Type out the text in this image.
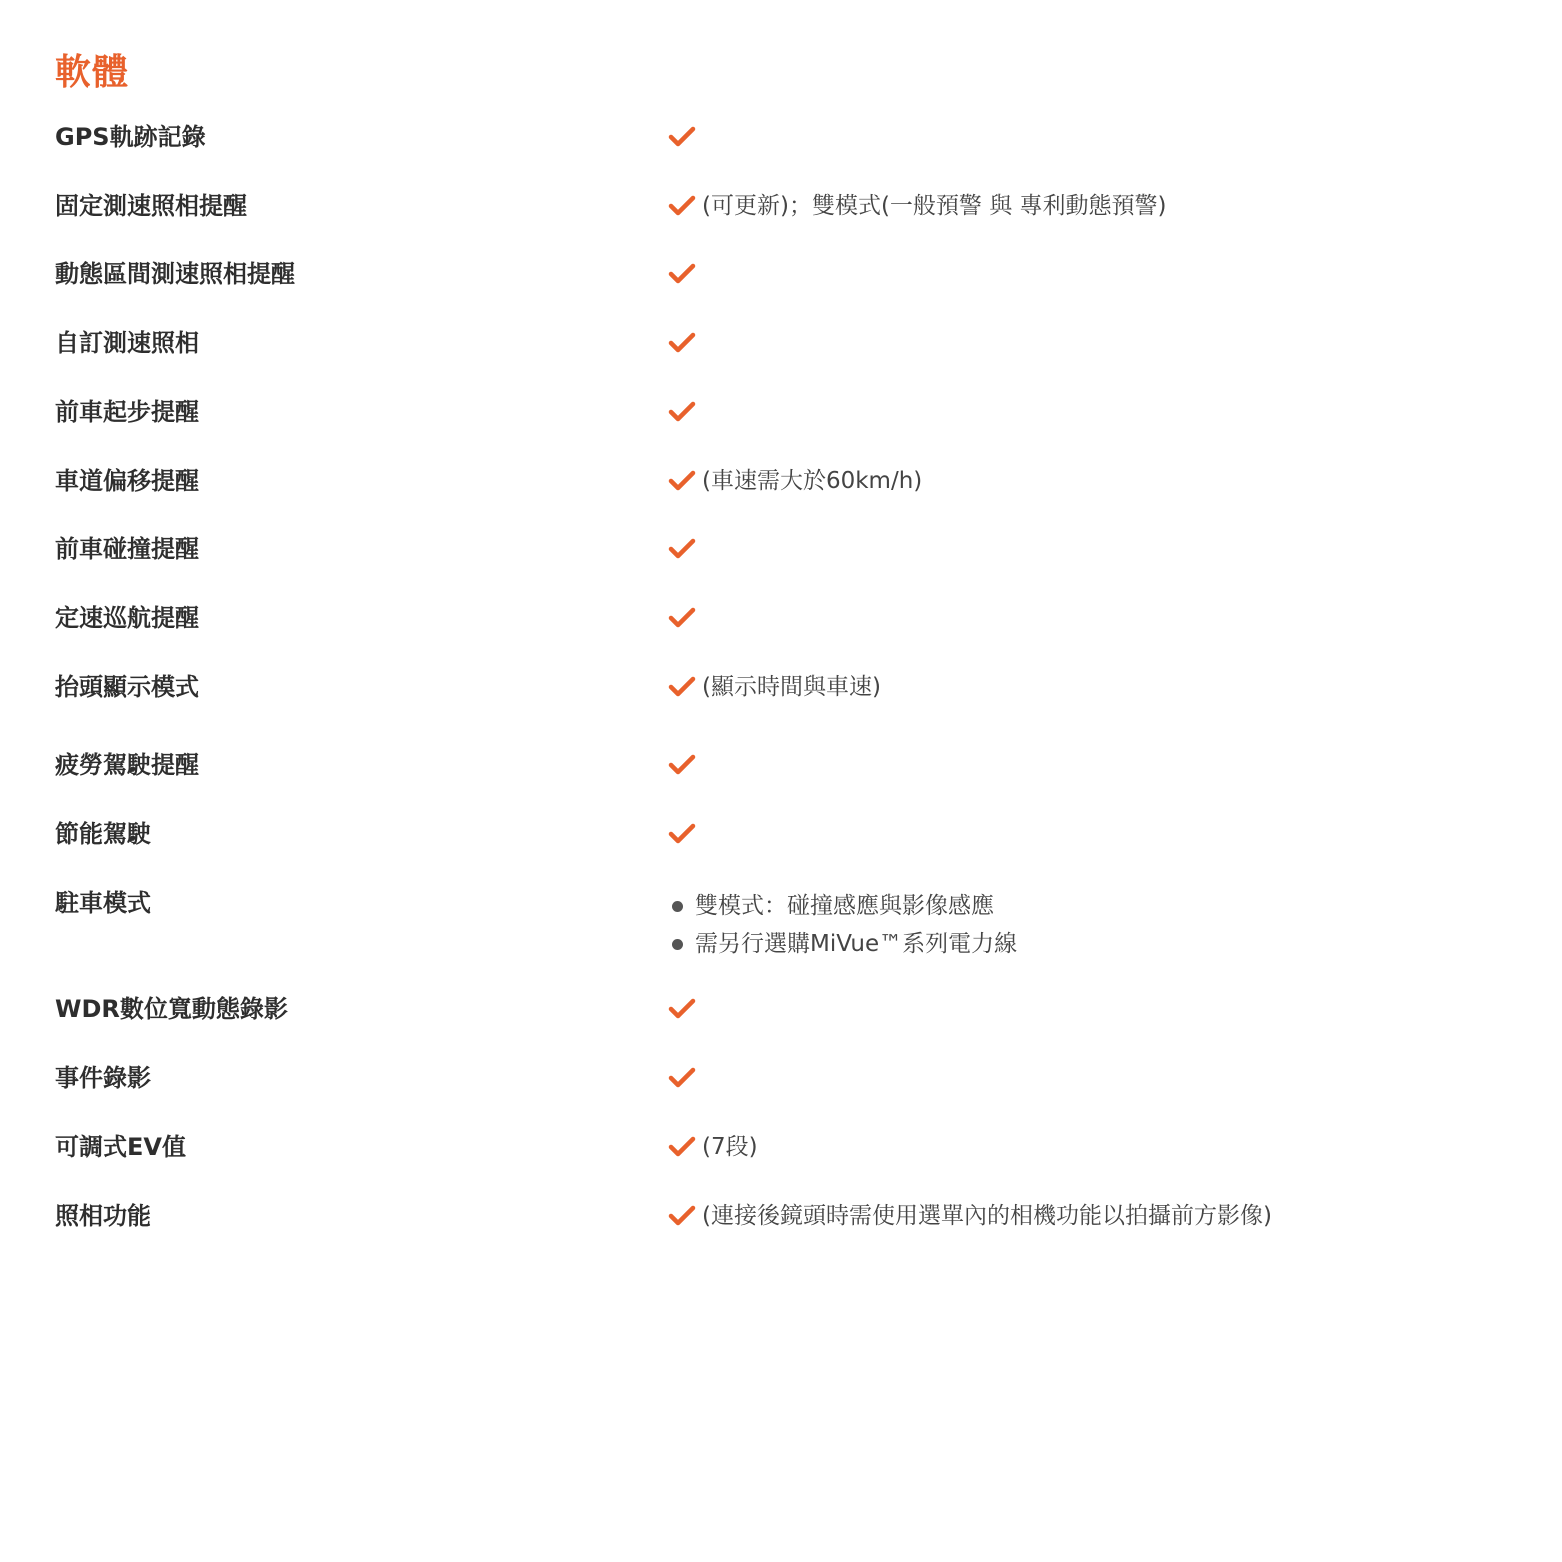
軟體
GPS軌跡記錄
固定測速照相提醒	(可更新)；雙模式(一般預警 與 專利動態預警)
動態區間測速照相提醒
自訂測速照相
前車起步提醒
車道偏移提醒	(車速需大於60km/h)
前車碰撞提醒
定速巡航提醒
抬頭顯示模式	(顯示時間與車速)
疲勞駕駛提醒
節能駕駛
駐車模式	雙模式：碰撞感應與影像感應
需另行選購MiVue™系列電力線
WDR數位寬動態錄影
事件錄影
可調式EV值	(7段)
照相功能	(連接後鏡頭時需使用選單內的相機功能以拍攝前方影像)
